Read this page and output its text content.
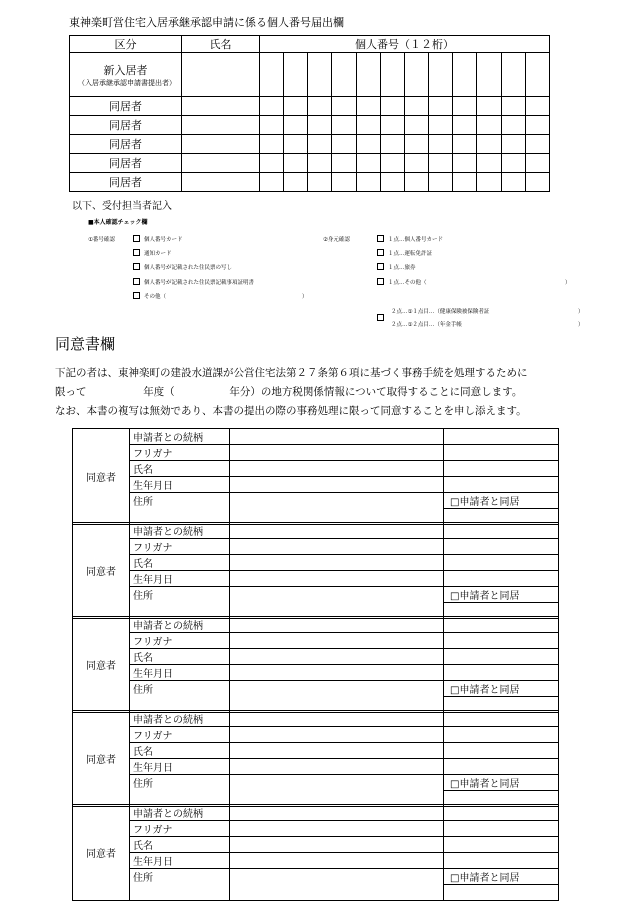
東神楽町営住宅入居承継承認申請に係る個人番号届出欄
区分	氏名	個人番号（１２桁）											

新入居者
（入居承継承認申請書提出者）													

同居者													
同居者													
同居者													
同居者													
同居者													
以下、受付担当者記入
■本人確認チェック欄
①番号確認	個人番号カード
通知カード
個人番号が記載された住民票の写し
個人番号が記載された住民票記載事項証明書
その他（	）
②身元確認	１点…個人番号カード
１点…運転免許証
１点…旅券
１点…その他（	）
２点…①１点目…（健康保険被保険者証	）
２点…①２点目…（年金手帳	）
同意書欄
下記の者は、東神楽町の建設水道課が公営住宅法第２７条第６項に基づく事務手続を処理するために
限って	年度（	年分）の地方税関係情報について取得することに同意します。
なお、本書の複写は無効であり、本書の提出の際の事務処理に限って同意することを申し添えます。
同意者	申請者との続柄		
	フリガナ		
	氏名		
	生年月日		
	住所		□申請者と同居

同意者	申請者との続柄		
	フリガナ		
	氏名		
	生年月日		
	住所		□申請者と同居

同意者	申請者との続柄		
	フリガナ		
	氏名		
	生年月日		
	住所		□申請者と同居

同意者	申請者との続柄		
	フリガナ		
	氏名		
	生年月日		
	住所		□申請者と同居

同意者	申請者との続柄		
	フリガナ		
	氏名		
	生年月日		
	住所		□申請者と同居
